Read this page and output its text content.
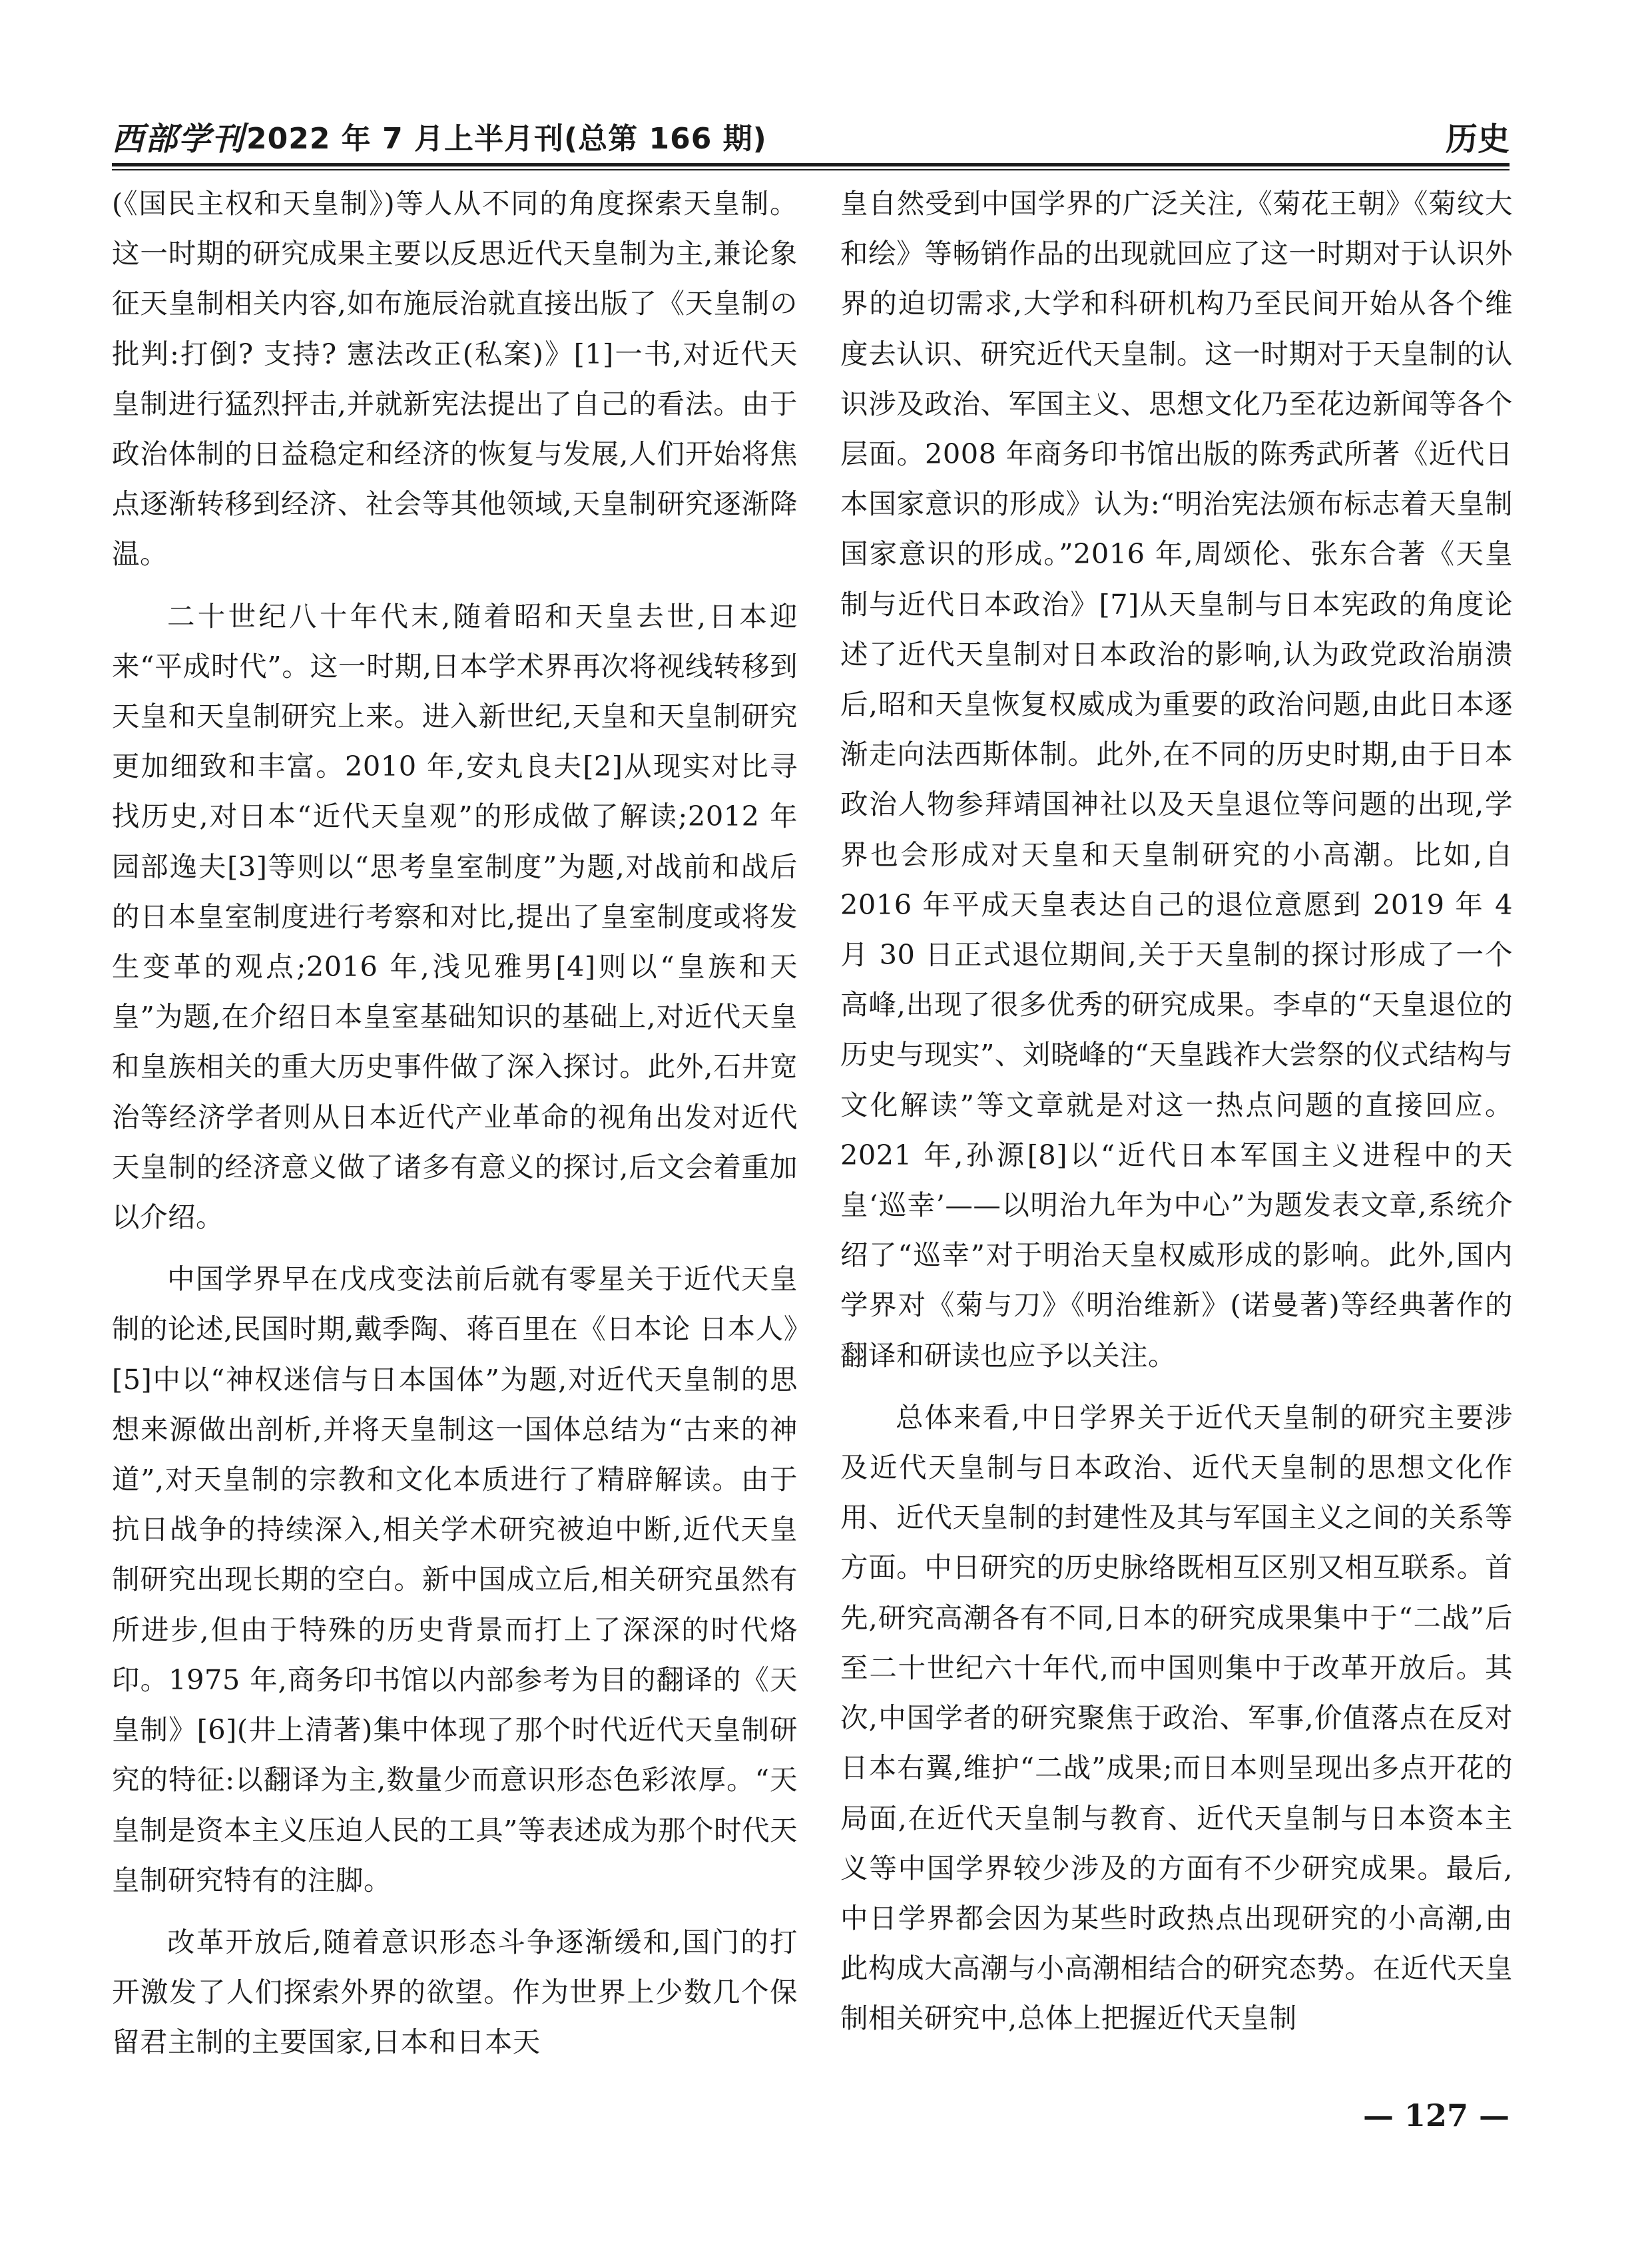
西部学刊 2022 年 7 月上半月刊(总第 166 期)	历史

(《国民主权和天皇制》)等人从不同的角度探索天皇制。这一时期的研究成果主要以反思近代天皇制为主,兼论象征天皇制相关内容,如布施辰治就直接出版了《天皇制の批判:打倒? 支持? 憲法改正(私案)》[1]一书,对近代天皇制进行猛烈抨击,并就新宪法提出了自己的看法。由于政治体制的日益稳定和经济的恢复与发展,人们开始将焦点逐渐转移到经济、社会等其他领域,天皇制研究逐渐降温。

二十世纪八十年代末,随着昭和天皇去世,日本迎来“平成时代”。这一时期,日本学术界再次将视线转移到天皇和天皇制研究上来。进入新世纪,天皇和天皇制研究更加细致和丰富。2010 年,安丸良夫[2]从现实对比寻找历史,对日本“近代天皇观”的形成做了解读;2012 年园部逸夫[3]等则以“思考皇室制度”为题,对战前和战后的日本皇室制度进行考察和对比,提出了皇室制度或将发生变革的观点;2016 年,浅见雅男[4]则以“皇族和天皇”为题,在介绍日本皇室基础知识的基础上,对近代天皇和皇族相关的重大历史事件做了深入探讨。此外,石井宽治等经济学者则从日本近代产业革命的视角出发对近代天皇制的经济意义做了诸多有意义的探讨,后文会着重加以介绍。

中国学界早在戊戌变法前后就有零星关于近代天皇制的论述,民国时期,戴季陶、蒋百里在《日本论 日本人》[5]中以“神权迷信与日本国体”为题,对近代天皇制的思想来源做出剖析,并将天皇制这一国体总结为“古来的神道”,对天皇制的宗教和文化本质进行了精辟解读。由于抗日战争的持续深入,相关学术研究被迫中断,近代天皇制研究出现长期的空白。新中国成立后,相关研究虽然有所进步,但由于特殊的历史背景而打上了深深的时代烙印。1975 年,商务印书馆以内部参考为目的翻译的《天皇制》[6](井上清著)集中体现了那个时代近代天皇制研究的特征:以翻译为主,数量少而意识形态色彩浓厚。“天皇制是资本主义压迫人民的工具”等表述成为那个时代天皇制研究特有的注脚。

改革开放后,随着意识形态斗争逐渐缓和,国门的打开激发了人们探索外界的欲望。作为世界上少数几个保留君主制的主要国家,日本和日本天

皇自然受到中国学界的广泛关注,《菊花王朝》《菊纹大和绘》等畅销作品的出现就回应了这一时期对于认识外界的迫切需求,大学和科研机构乃至民间开始从各个维度去认识、研究近代天皇制。这一时期对于天皇制的认识涉及政治、军国主义、思想文化乃至花边新闻等各个层面。2008 年商务印书馆出版的陈秀武所著《近代日本国家意识的形成》认为:“明治宪法颁布标志着天皇制国家意识的形成。”2016 年,周颂伦、张东合著《天皇制与近代日本政治》[7]从天皇制与日本宪政的角度论述了近代天皇制对日本政治的影响,认为政党政治崩溃后,昭和天皇恢复权威成为重要的政治问题,由此日本逐渐走向法西斯体制。此外,在不同的历史时期,由于日本政治人物参拜靖国神社以及天皇退位等问题的出现,学界也会形成对天皇和天皇制研究的小高潮。比如,自 2016 年平成天皇表达自己的退位意愿到 2019 年 4 月 30 日正式退位期间,关于天皇制的探讨形成了一个高峰,出现了很多优秀的研究成果。李卓的“天皇退位的历史与现实”、刘晓峰的“天皇践祚大尝祭的仪式结构与文化解读”等文章就是对这一热点问题的直接回应。2021 年,孙源[8]以“近代日本军国主义进程中的天皇‘巡幸’——以明治九年为中心”为题发表文章,系统介绍了“巡幸”对于明治天皇权威形成的影响。此外,国内学界对《菊与刀》《明治维新》(诺曼著)等经典著作的翻译和研读也应予以关注。

总体来看,中日学界关于近代天皇制的研究主要涉及近代天皇制与日本政治、近代天皇制的思想文化作用、近代天皇制的封建性及其与军国主义之间的关系等方面。中日研究的历史脉络既相互区别又相互联系。首先,研究高潮各有不同,日本的研究成果集中于“二战”后至二十世纪六十年代,而中国则集中于改革开放后。其次,中国学者的研究聚焦于政治、军事,价值落点在反对日本右翼,维护“二战”成果;而日本则呈现出多点开花的局面,在近代天皇制与教育、近代天皇制与日本资本主义等中国学界较少涉及的方面有不少研究成果。最后,中日学界都会因为某些时政热点出现研究的小高潮,由此构成大高潮与小高潮相结合的研究态势。在近代天皇制相关研究中,总体上把握近代天皇制

— 127 —
